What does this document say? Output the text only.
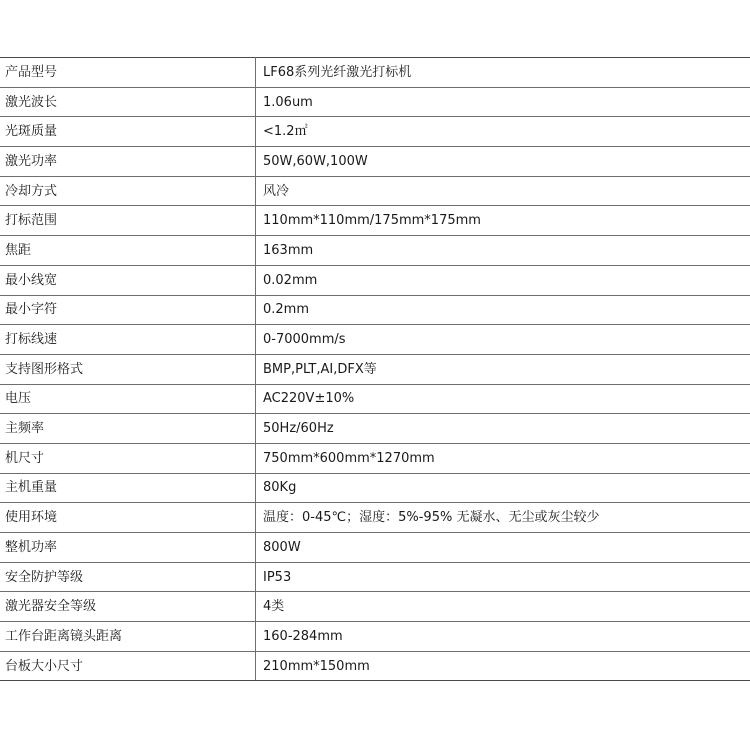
产品型号	LF68系列光纤激光打标机
激光波长	1.06um
光斑质量	<1.2㎡
激光功率	50W,60W,100W
冷却方式	风冷
打标范围	110mm*110mm/175mm*175mm
焦距	163mm
最小线宽	0.02mm
最小字符	0.2mm
打标线速	0-7000mm/s
支持图形格式	BMP,PLT,AI,DFX等
电压	AC220V±10%
主频率	50Hz/60Hz
机尺寸	750mm*600mm*1270mm
主机重量	80Kg
使用环境	温度：0-45℃；湿度：5%-95% 无凝水、无尘或灰尘较少
整机功率	800W
安全防护等级	IP53
激光器安全等级	4类
工作台距离镜头距离	160-284mm
台板大小尺寸	210mm*150mm
